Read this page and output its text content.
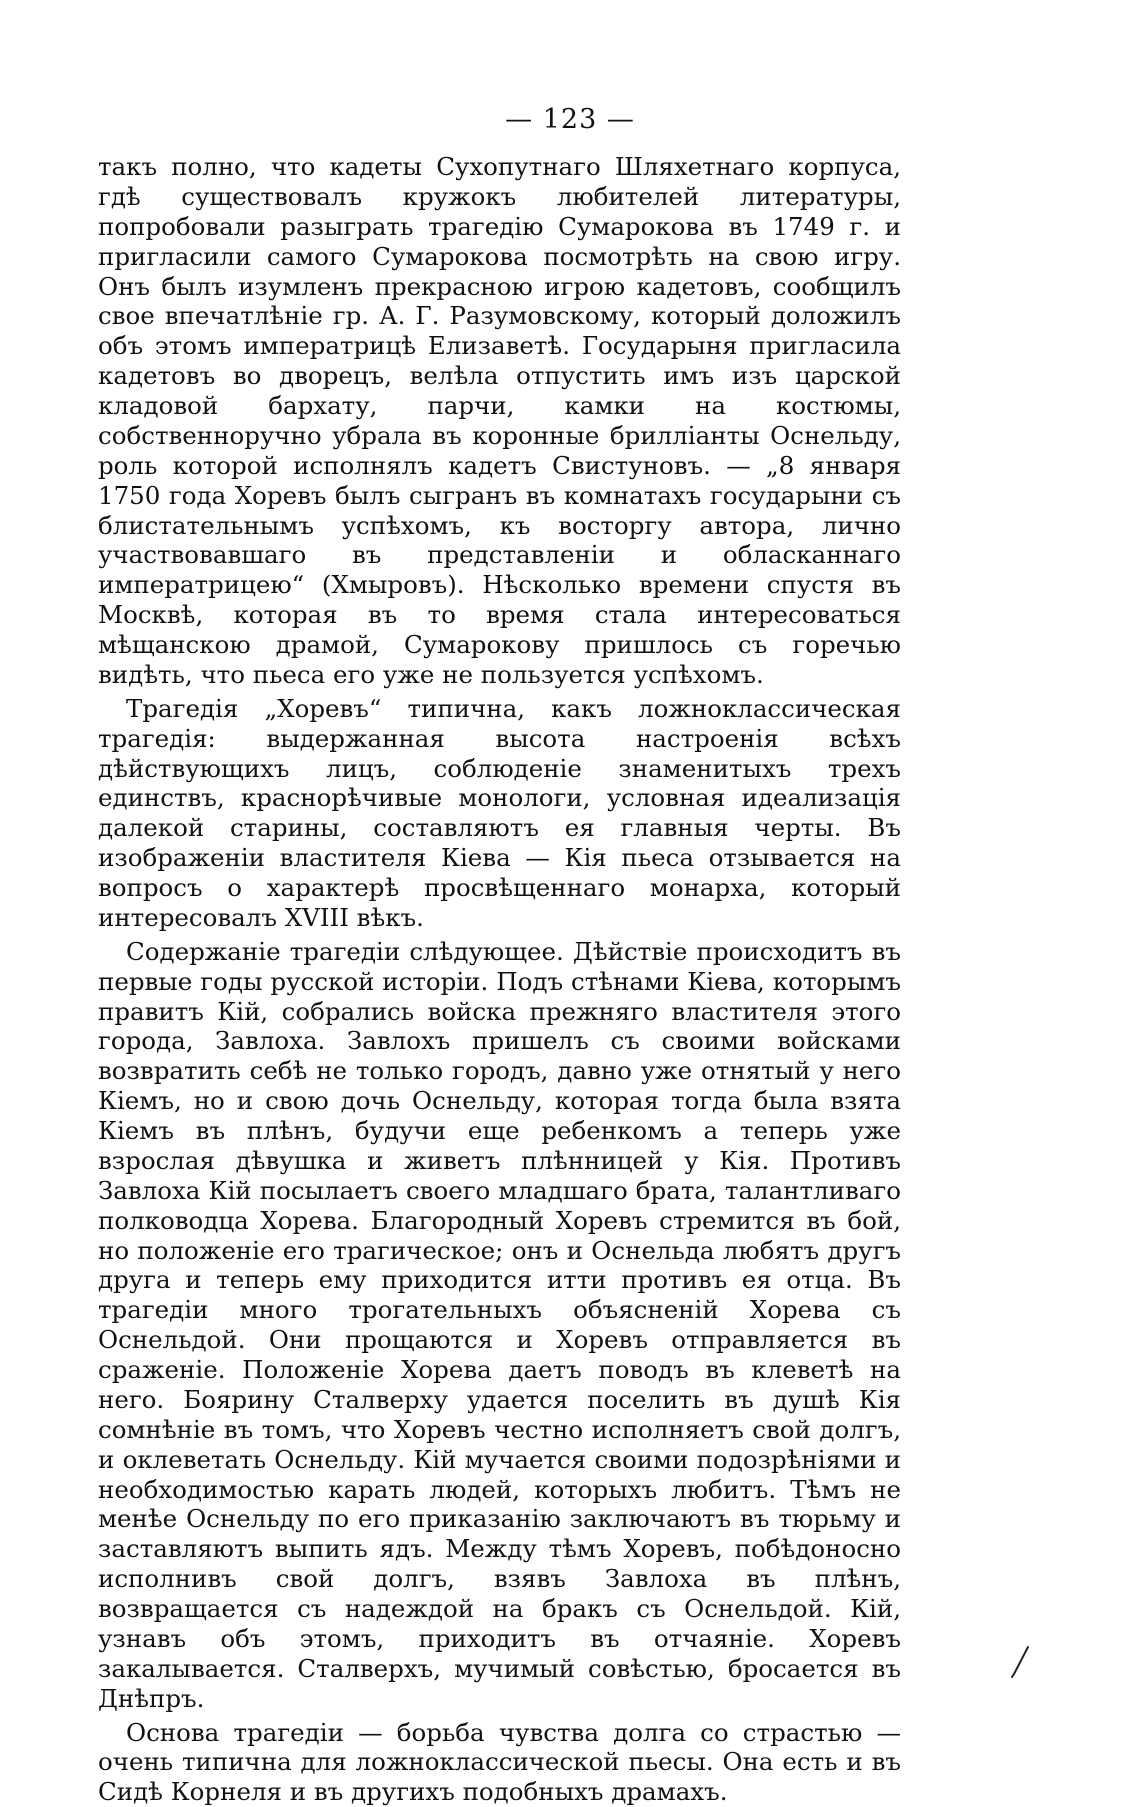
— 123 —

такъ полно, что кадеты Сухопутнаго Шляхетнаго корпуса, гдѣ существовалъ кружокъ любителей литературы, попробовали разыграть трагедію Сумарокова въ 1749 г. и пригласили самого Сумарокова посмотрѣть на свою игру. Онъ былъ изумленъ прекрасною игрою кадетовъ, сообщилъ свое впечатлѣніе гр. А. Г. Разумовскому, который доложилъ объ этомъ императрицѣ Елизаветѣ. Государыня пригласила кадетовъ во дворецъ, велѣла отпустить имъ изъ царской кладовой бархату, парчи, камки на костюмы, собственноручно убрала въ коронные бриллiанты Оснельду, роль которой исполнялъ кадетъ Свистуновъ. — „8 января 1750 года Хоревъ былъ сыгранъ въ комнатахъ государыни съ блистательнымъ успѣхомъ, къ восторгу автора, лично участвовавшаго въ представленiи и обласканнаго императрицею“ (Хмыровъ). Нѣсколько времени спустя въ Москвѣ, которая въ то время стала интересоваться мѣщанскою драмой, Сумарокову пришлось съ горечью видѣть, что пьеса его уже не пользуется успѣхомъ.

Трагедiя „Хоревъ“ типична, какъ ложноклассическая трагедiя: выдержанная высота настроенiя всѣхъ дѣйствующихъ лицъ, соблюденiе знаменитыхъ трехъ единствъ, краснорѣчивые монологи, условная идеализацiя далекой старины, составляютъ ея главныя черты. Въ изображенiи властителя Кiева — Кiя пьеса отзывается на вопросъ о характерѣ просвѣщеннаго монарха, который интересовалъ XVIII вѣкъ.

Содержанiе трагедiи слѣдующее. Дѣйствiе происходитъ въ первые годы русской исторiи. Подъ стѣнами Кiева, которымъ правитъ Кiй, собрались войска прежняго властителя этого города, Завлоха. Завлохъ пришелъ съ своими войсками возвратить себѣ не только городъ, давно уже отнятый у него Кiемъ, но и свою дочь Оснельду, которая тогда была взята Кiемъ въ плѣнъ, будучи еще ребенкомъ а теперь уже взрослая дѣвушка и живетъ плѣнницей у Кiя. Противъ Завлоха Кiй посылаетъ своего младшаго брата, талантливаго полководца Хорева. Благородный Хоревъ стремится въ бой, но положенiе его трагическое; онъ и Оснельда любятъ другъ друга и теперь ему приходится итти противъ ея отца. Въ трагедiи много трогательныхъ объясненiй Хорева съ Оснельдой. Они прощаются и Хоревъ отправляется въ сраженiе. Положенiе Хорева даетъ поводъ въ клеветѣ на него. Боярину Сталверху удается поселить въ душѣ Кiя сомнѣнiе въ томъ, что Хоревъ честно исполняетъ свой долгъ, и оклеветать Оснельду. Кiй мучается своими подозрѣнiями и необходимостью карать людей, которыхъ любитъ. Тѣмъ не менѣе Оснельду по его приказанiю заключаютъ въ тюрьму и заставляютъ выпить ядъ. Между тѣмъ Хоревъ, побѣдоносно исполнивъ свой долгъ, взявъ Завлоха въ плѣнъ, возвращается съ надеждой на бракъ съ Оснельдой. Кiй, узнавъ объ этомъ, приходитъ въ отчаянiе. Хоревъ закалывается. Сталверхъ, мучимый совѣстью, бросается въ Днѣпръ.

Основа трагедiи — борьба чувства долга со страстью — очень типична для ложноклассической пьесы. Она есть и въ Сидѣ Корнеля и въ другихъ подобныхъ драмахъ.
